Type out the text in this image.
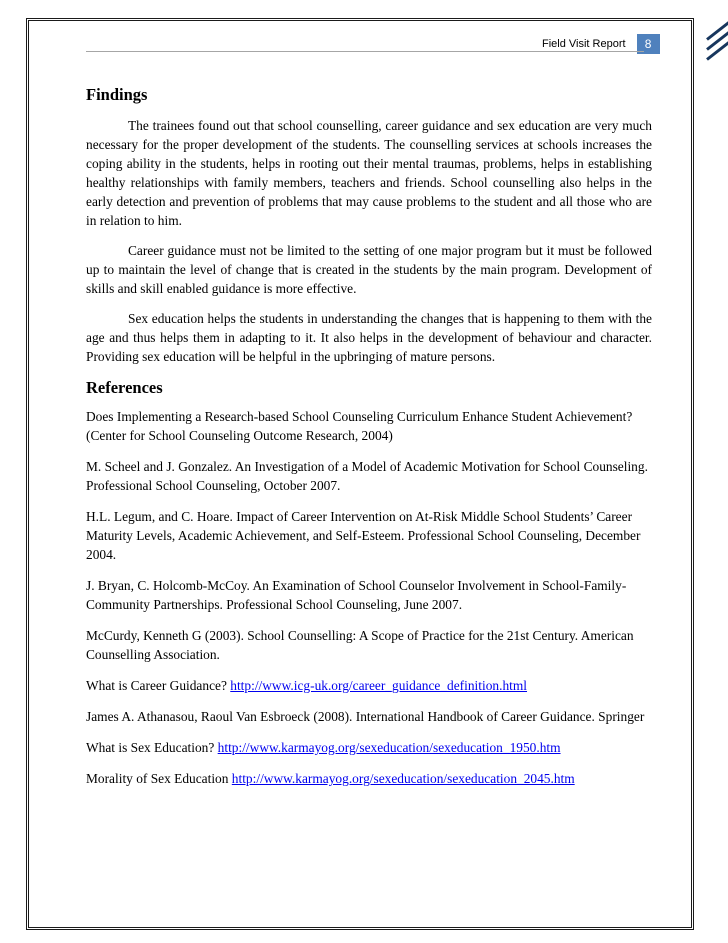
Field Visit Report	8
Findings

The trainees found out that school counselling, career guidance and sex education are very much necessary for the proper development of the students. The counselling services at schools increases the coping ability in the students, helps in rooting out their mental traumas, problems, helps in establishing healthy relationships with family members, teachers and friends. School counselling also helps in the early detection and prevention of problems that may cause problems to the student and all those who are in relation to him.

Career guidance must not be limited to the setting of one major program but it must be followed up to maintain the level of change that is created in the students by the main program. Development of skills and skill enabled guidance is more effective.

Sex education helps the students in understanding the changes that is happening to them with the age and thus helps them in adapting to it. It also helps in the development of behaviour and character. Providing sex education will be helpful in the upbringing of mature persons.

References

Does Implementing a Research-based School Counseling Curriculum Enhance Student Achievement? (Center for School Counseling Outcome Research, 2004)

M. Scheel and J. Gonzalez. An Investigation of a Model of Academic Motivation for School Counseling. Professional School Counseling, October 2007.

H.L. Legum, and C. Hoare. Impact of Career Intervention on At-Risk Middle School Students’ Career Maturity Levels, Academic Achievement, and Self-Esteem. Professional School Counseling, December 2004.

J. Bryan, C. Holcomb-McCoy. An Examination of School Counselor Involvement in School-Family- Community Partnerships. Professional School Counseling, June 2007.

McCurdy, Kenneth G (2003). School Counselling: A Scope of Practice for the 21st Century. American Counselling Association.

What is Career Guidance? http://www.icg-uk.org/career_guidance_definition.html

James A. Athanasou, Raoul Van Esbroeck (2008). International Handbook of Career Guidance. Springer

What is Sex Education? http://www.karmayog.org/sexeducation/sexeducation_1950.htm

Morality of Sex Education http://www.karmayog.org/sexeducation/sexeducation_2045.htm
